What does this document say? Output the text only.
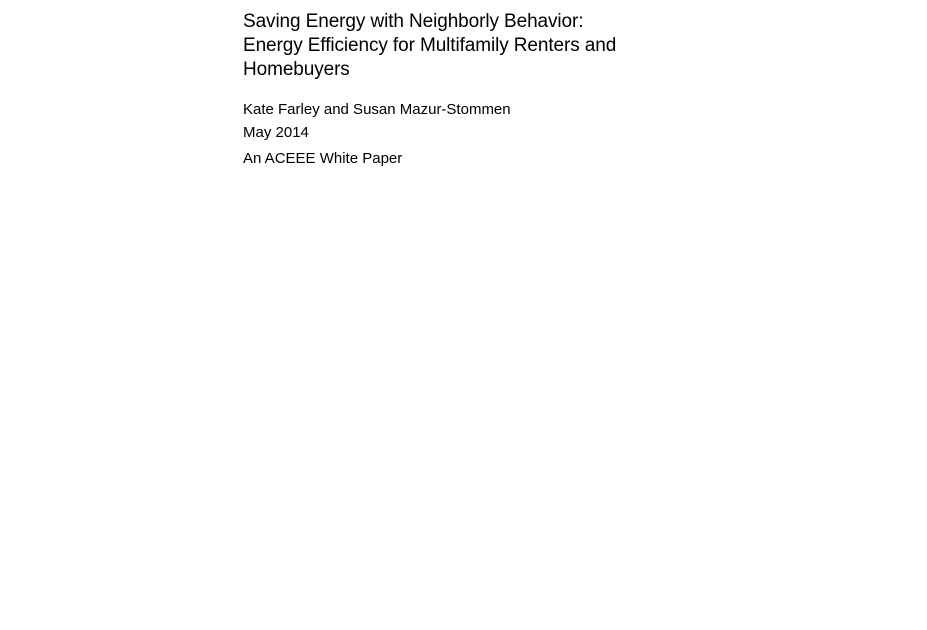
Saving Energy with Neighborly Behavior:
Energy Efficiency for Multifamily Renters and
Homebuyers

Kate Farley and Susan Mazur-Stommen

May 2014

An ACEEE White Paper
